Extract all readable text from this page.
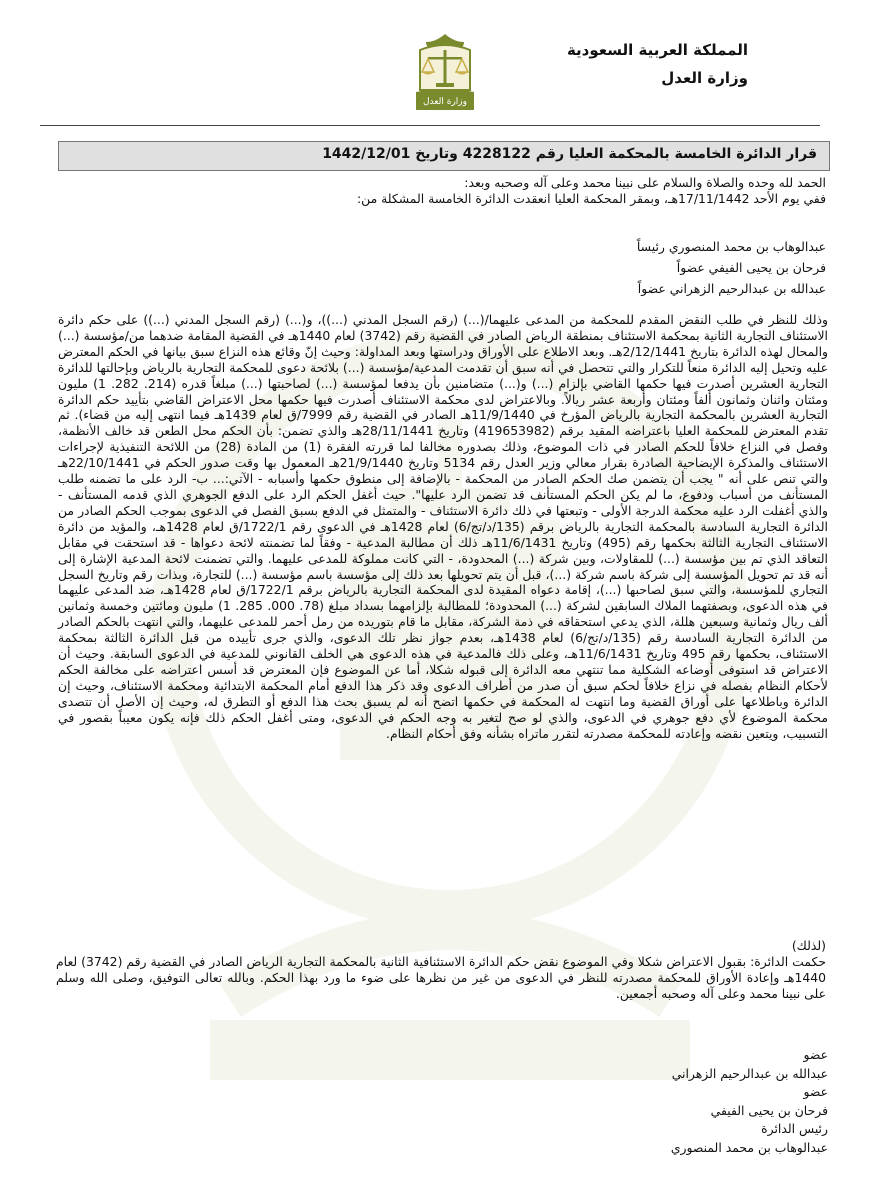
المملكة العربية السعودية
وزارة العدل
وزارة العدل
قرار الدائرة الخامسة بالمحكمة العليا رقم 4228122 وتاريخ 1442/12/01
الحمد لله وحده والصلاة والسلام على نبينا محمد وعلى آله وصحبه وبعد:
ففي يوم الأحد 17/11/1442هـ، وبمقر المحكمة العليا انعقدت الدائرة الخامسة المشكلة من:
عبدالوهاب بن محمد المنصوري رئيساً
فرحان بن يحيى الفيفي عضواً
عبدالله بن عبدالرحيم الزهراني عضواً
وذلك للنظر في طلب النقض المقدم للمحكمة من المدعى عليهما/(...) (رقم السجل المدني (...))، و(...) (رقم السجل المدني (...)) على حكم دائرة الاستئناف التجارية الثانية بمحكمة الاستئناف بمنطقة الرياض الصادر في القضية رقم (3742) لعام 1440هـ في القضية المقامة ضدهما من/مؤسسة (...) والمحال لهذه الدائرة بتاريخ 2/12/1441هـ. وبعد الاطلاع على الأوراق ودراستها وبعد المداولة: وحيث إنّ وقائع هذه النزاع سبق بيانها في الحكم المعترض عليه وتحيل إليه الدائرة منعاً للتكرار والتي تتحصل في أنه سبق أن تقدمت المدعية/مؤسسة (...) بلائحة دعوى للمحكمة التجارية بالرياض وبإحالتها للدائرة التجارية العشرين أصدرت فيها حكمها القاضي بإلزام (...) و(...) متضامنين بأن يدفعا لمؤسسة (...) لصاحبتها (...) مبلغاً قدره (214. 282. 1) مليون ومئتان واثنان وثمانون ألفاً ومئتان وأربعة عشر ريالاً. وبالاعتراض لدى محكمة الاستئناف أصدرت فيها حكمها محل الاعتراض القاضي بتأييد حكم الدائرة التجارية العشرين بالمحكمة التجارية بالرياض المؤرخ في 11/9/1440هـ الصادر في القضية رقم 7999/ق لعام 1439هـ فيما انتهى إليه من قضاء). ثم تقدم المعترض للمحكمة العليا باعتراضه المقيد برقم (419653982) وتاريخ 28/11/1441هـ والذي تضمن: بأن الحكم محل الطعن قد خالف الأنظمة، وفصل في النزاع خلافاً للحكم الصادر في ذات الموضوع، وذلك بصدوره مخالفا لما قررته الفقرة (1) من المادة (28) من اللائحة التنفيذية لإجراءات الاستئناف والمذكرة الإيضاحية الصادرة بقرار معالي وزير العدل رقم 5134 وتاريخ 21/9/1440هـ المعمول بها وقت صدور الحكم في 22/10/1441هـ والتي تنص على أنه " يجب أن يتضمن صك الحكم الصادر من المحكمة - بالإضافة إلى منطوق حكمها وأسبابه - الآتي:... ب- الرد على ما تضمنه طلب المستأنف من أسباب ودفوع، ما لم يكن الحكم المستأنف قد تضمن الرد عليها". حيث أغفل الحكم الرد على الدفع الجوهري الذي قدمه المستأنف - والذي أغفلت الرد عليه محكمة الدرجة الأولى - وتبعتها في ذلك دائرة الاستئناف - والمتمثل في الدفع بسبق الفصل في الدعوى بموجب الحكم الصادر من الدائرة التجارية السادسة بالمحكمة التجارية بالرياض برقم (135/د/تج/6) لعام 1428هـ في الدعوى رقم 1722/1/ق لعام 1428هـ، والمؤيد من دائرة الاستئناف التجارية الثالثة بحكمها رقم (495) وتاريخ 11/6/1431هـ ذلك أن مطالبة المدعية - وفقاً لما تضمنته لائحة دعواها - قد استحقت في مقابل التعاقد الذي تم بين مؤسسة (...) للمقاولات، وبين شركة (...) المحدودة، - التي كانت مملوكة للمدعى عليهما. والتي تضمنت لائحة المدعية الإشارة إلى أنه قد تم تحويل المؤسسة إلى شركة باسم شركة (...)، قبل أن يتم تحويلها بعد ذلك إلى مؤسسة باسم مؤسسة (...) للتجارة، وبذات رقم وتاريخ السجل التجاري للمؤسسة، والتي سبق لصاحبها (...)، إقامة دعواه المقيدة لدى المحكمة التجارية بالرياض برقم 1722/1/ق لعام 1428هـ، ضد المدعى عليهما في هذه الدعوى، وبصفتهما الملاك السابقين لشركة (...) المحدودة؛ للمطالبة بإلزامهما بسداد مبلغ (78. 000. 285. 1) مليون ومائتين وخمسة وثمانين ألف ريال وثمانية وسبعين هللة، الذي يدعي استحقاقه في ذمة الشركة، مقابل ما قام بتوريده من رمل أحمر للمدعى عليهما، والتي انتهت بالحكم الصادر من الدائرة التجارية السادسة رقم (135/د/تج/6) لعام 1438هـ، بعدم جواز نظر تلك الدعوى، والذي جرى تأييده من قبل الدائرة الثالثة بمحكمة الاستئناف، بحكمها رقم 495 وتاريخ 11/6/1431هـ، وعلى ذلك فالمدعية في هذه الدعوى هي الخلف القانوني للمدعية في الدعوى السابقة. وحيث أن الاعتراض قد استوفى أوضاعه الشكلية مما تنتهي معه الدائرة إلى قبوله شكلا، أما عن الموضوع فإن المعترض قد أسس اعتراضه على مخالفة الحكم لأحكام النظام بفصله في نزاع خلافاً لحكم سبق أن صدر من أطراف الدعوى وقد ذكر هذا الدفع أمام المحكمة الابتدائية ومحكمة الاستئناف، وحيث إن الدائرة وباطلاعها على أوراق القضية وما انتهت له المحكمة في حكمها اتضح أنه لم يسبق بحث هذا الدفع أو التطرق له، وحيث إن الأصل أن تتصدى محكمة الموضوع لأي دفع جوهري في الدعوى، والذي لو صح لتغير به وجه الحكم في الدعوى، ومتى أغفل الحكم ذلك فإنه يكون معيباً بقصور في التسبيب، ويتعين نقضه وإعادته للمحكمة مصدرته لتقرر ماتراه بشأنه وفق أحكام النظام.
(لذلك)
حكمت الدائرة: بقبول الاعتراض شكلا وفي الموضوع نقض حكم الدائرة الاستئنافية الثانية بالمحكمة التجارية الرياض الصادر في القضية رقم (3742) لعام 1440هـ وإعادة الأوراق للمحكمة مصدرته للنظر في الدعوى من غير من نظرها على ضوء ما ورد بهذا الحكم. وبالله تعالى التوفيق، وصلى الله وسلم على نبينا محمد وعلى آله وصحبه أجمعين.
عضو
عبدالله بن عبدالرحيم الزهراني
عضو
فرحان بن يحيى الفيفي
رئيس الدائرة
عبدالوهاب بن محمد المنصوري
